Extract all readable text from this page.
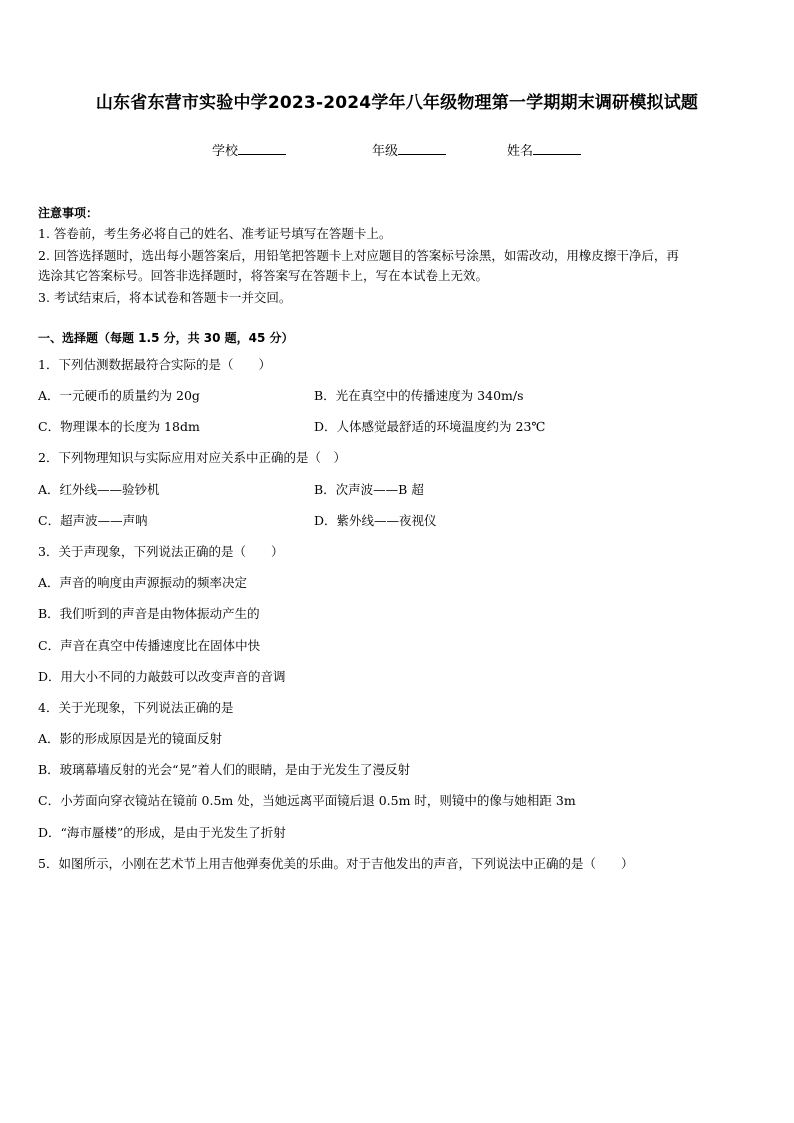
山东省东营市实验中学2023-2024学年八年级物理第一学期期末调研模拟试题
学校	年级	姓名
注意事项：
1. 答卷前，考生务必将自己的姓名、准考证号填写在答题卡上。
2. 回答选择题时，选出每小题答案后，用铅笔把答题卡上对应题目的答案标号涂黑，如需改动，用橡皮擦干净后，再
选涂其它答案标号。回答非选择题时，将答案写在答题卡上，写在本试卷上无效。
3. 考试结束后，将本试卷和答题卡一并交回。
一、选择题（每题 1.5 分，共 30 题，45 分）
1．下列估测数据最符合实际的是（　　）
A．一元硬币的质量约为 20g	B．光在真空中的传播速度为 340m/s
C．物理课本的长度为 18dm	D．人体感觉最舒适的环境温度约为 23℃
2．下列物理知识与实际应用对应关系中正确的是（　）
A．红外线——验钞机	B．次声波——B 超
C．超声波——声呐	D．紫外线——夜视仪
3．关于声现象，下列说法正确的是（　　）
A．声音的响度由声源振动的频率决定
B．我们听到的声音是由物体振动产生的
C．声音在真空中传播速度比在固体中快
D．用大小不同的力敲鼓可以改变声音的音调
4．关于光现象，下列说法正确的是
A．影的形成原因是光的镜面反射
B．玻璃幕墙反射的光会“晃”着人们的眼睛，是由于光发生了漫反射
C．小芳面向穿衣镜站在镜前 0.5m 处，当她远离平面镜后退 0.5m 时，则镜中的像与她相距 3m
D．“海市蜃楼”的形成，是由于光发生了折射
5．如图所示，小刚在艺术节上用吉他弹奏优美的乐曲。对于吉他发出的声音，下列说法中正确的是（　　）
